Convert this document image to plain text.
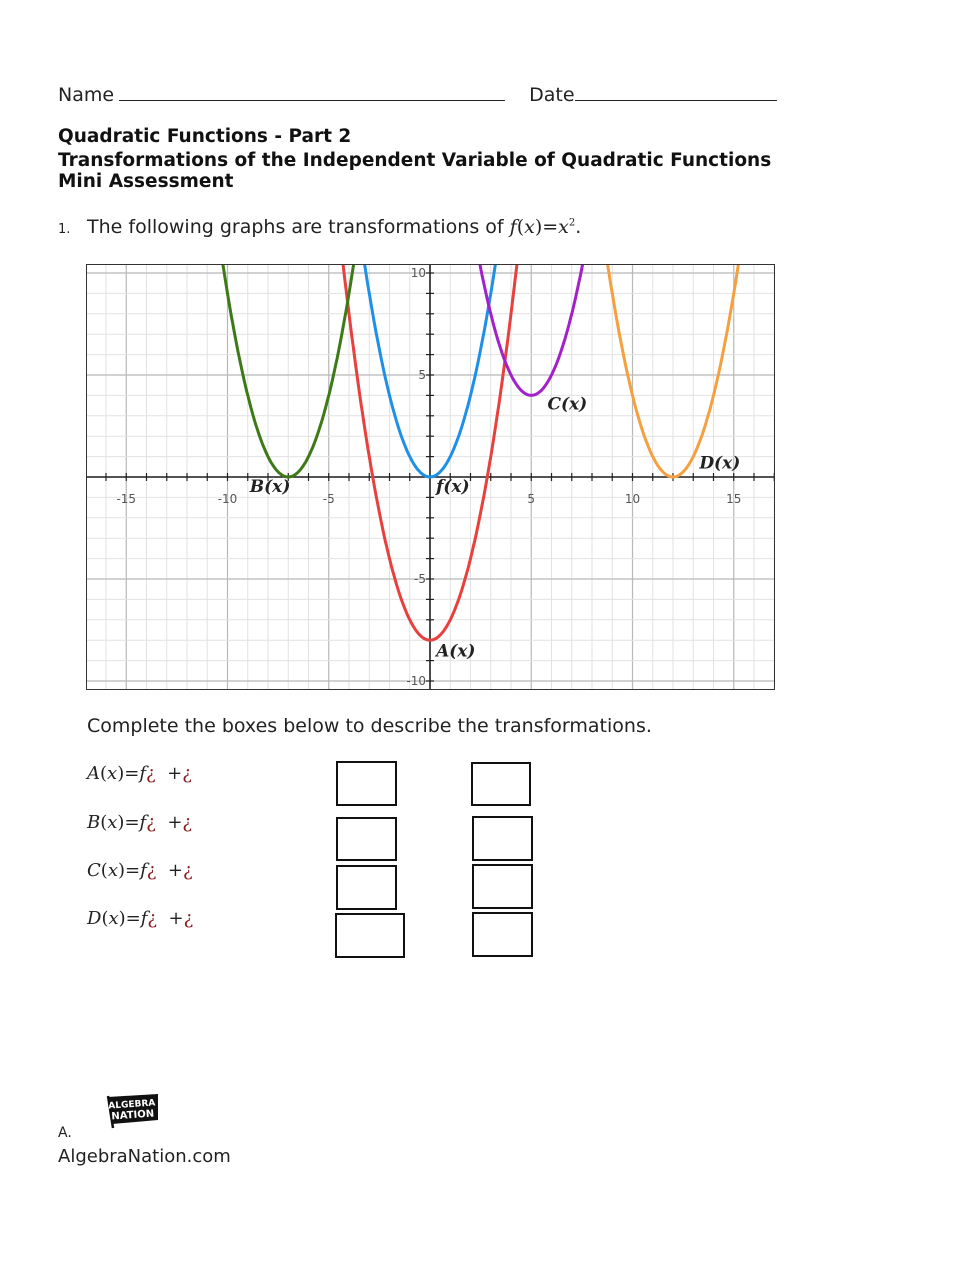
Name	Date
Quadratic Functions - Part 2
Transformations of the Independent Variable of Quadratic Functions
Mini Assessment
1. The following graphs are transformations of $f(x)=x^2$.
-15	-10	-5	5	10	15
10
5
-5
-10
f(x)
A(x)
B(x)
C(x)
D(x)
Complete the boxes below to describe the transformations.
A(x)=f¿ +¿
B(x)=f¿ +¿
C(x)=f¿ +¿
D(x)=f¿ +¿
ALGEBRA
NATION
A.
AlgebraNation.com
